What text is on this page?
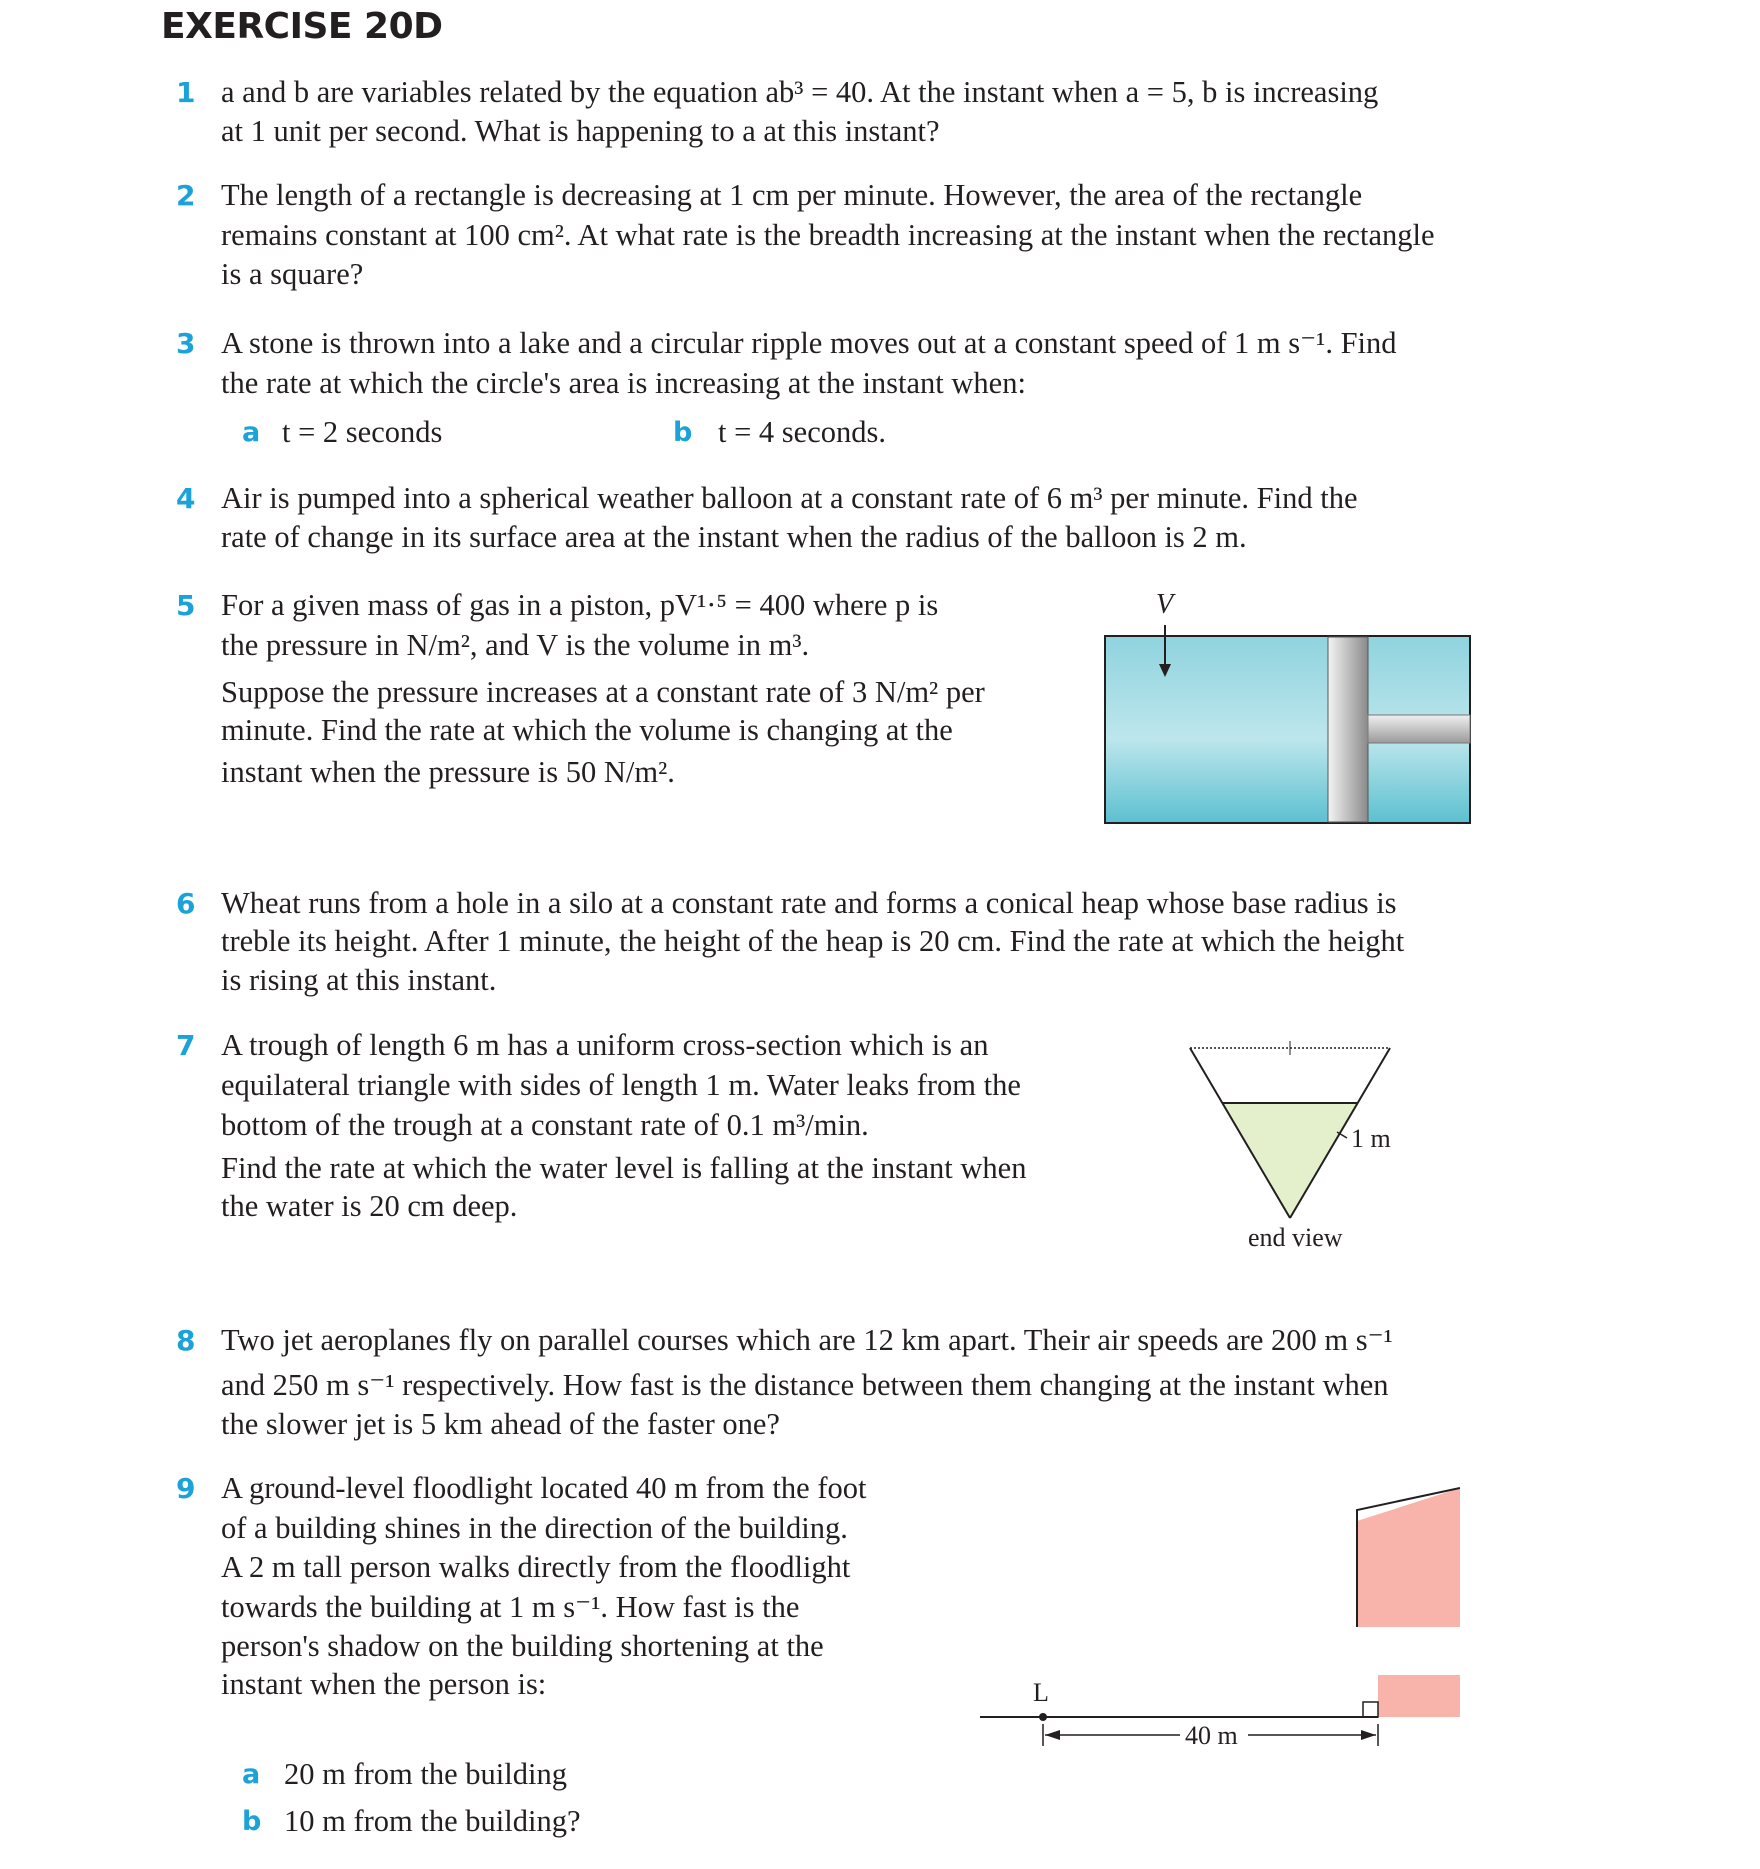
EXERCISE 20D
1 a and b are variables related by the equation ab³ = 40. At the instant when a = 5, b is increasing
at 1 unit per second. What is happening to a at this instant?
2 The length of a rectangle is decreasing at 1 cm per minute. However, the area of the rectangle
remains constant at 100 cm². At what rate is the breadth increasing at the instant when the rectangle
is a square?
3 A stone is thrown into a lake and a circular ripple moves out at a constant speed of 1 m s⁻¹. Find
the rate at which the circle's area is increasing at the instant when:
a t = 2 seconds	b t = 4 seconds.
4 Air is pumped into a spherical weather balloon at a constant rate of 6 m³ per minute. Find the
rate of change in its surface area at the instant when the radius of the balloon is 2 m.
5 For a given mass of gas in a piston, pV¹·⁵ = 400 where p is
the pressure in N/m², and V is the volume in m³.
Suppose the pressure increases at a constant rate of 3 N/m² per
minute. Find the rate at which the volume is changing at the
instant when the pressure is 50 N/m².
V
6 Wheat runs from a hole in a silo at a constant rate and forms a conical heap whose base radius is
treble its height. After 1 minute, the height of the heap is 20 cm. Find the rate at which the height
is rising at this instant.
7 A trough of length 6 m has a uniform cross-section which is an
equilateral triangle with sides of length 1 m. Water leaks from the
bottom of the trough at a constant rate of 0.1 m³/min.
Find the rate at which the water level is falling at the instant when
the water is 20 cm deep.
1 m
end view
8 Two jet aeroplanes fly on parallel courses which are 12 km apart. Their air speeds are 200 m s⁻¹
and 250 m s⁻¹ respectively. How fast is the distance between them changing at the instant when
the slower jet is 5 km ahead of the faster one?
9 A ground-level floodlight located 40 m from the foot
of a building shines in the direction of the building.
A 2 m tall person walks directly from the floodlight
towards the building at 1 m s⁻¹. How fast is the
person's shadow on the building shortening at the
instant when the person is:
a 20 m from the building
b 10 m from the building?
L
40 m
